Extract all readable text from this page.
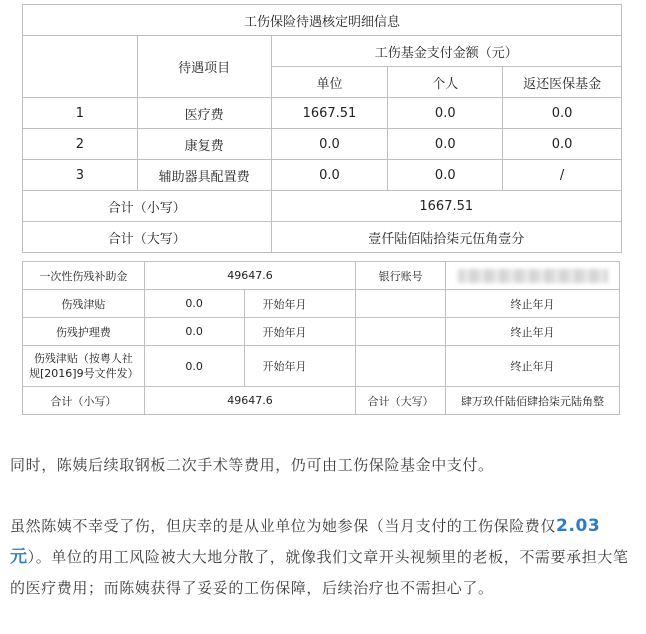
工伤保险待遇核定明细信息				
	待遇项目	工伤基金支付金额（元）		
		单位	个人	返还医保基金
1	医疗费	1667.51	0.0	0.0
2	康复费	0.0	0.0	0.0
3	辅助器具配置费	0.0	0.0	/
合计（小写）		1667.51		
合计（大写）		壹仟陆佰陆拾柒元伍角壹分		
一次性伤残补助金	49647.6		银行账号	
伤残津贴	0.0	开始年月		终止年月
伤残护理费	0.0	开始年月		终止年月
伤残津贴（按粤人社规[2016]9号文件发）	0.0	开始年月		终止年月
合计（小写）	49647.6		合计（大写）	肆万玖仟陆佰肆拾柒元陆角整

同时，陈姨后续取钢板二次手术等费用，仍可由工伤保险基金中支付。

虽然陈姨不幸受了伤，但庆幸的是从业单位为她参保（当月支付的工伤保险费仅2.03元）。单位的用工风险被大大地分散了，就像我们文章开头视频里的老板，不需要承担大笔的医疗费用；而陈姨获得了妥妥的工伤保障，后续治疗也不需担心了。
